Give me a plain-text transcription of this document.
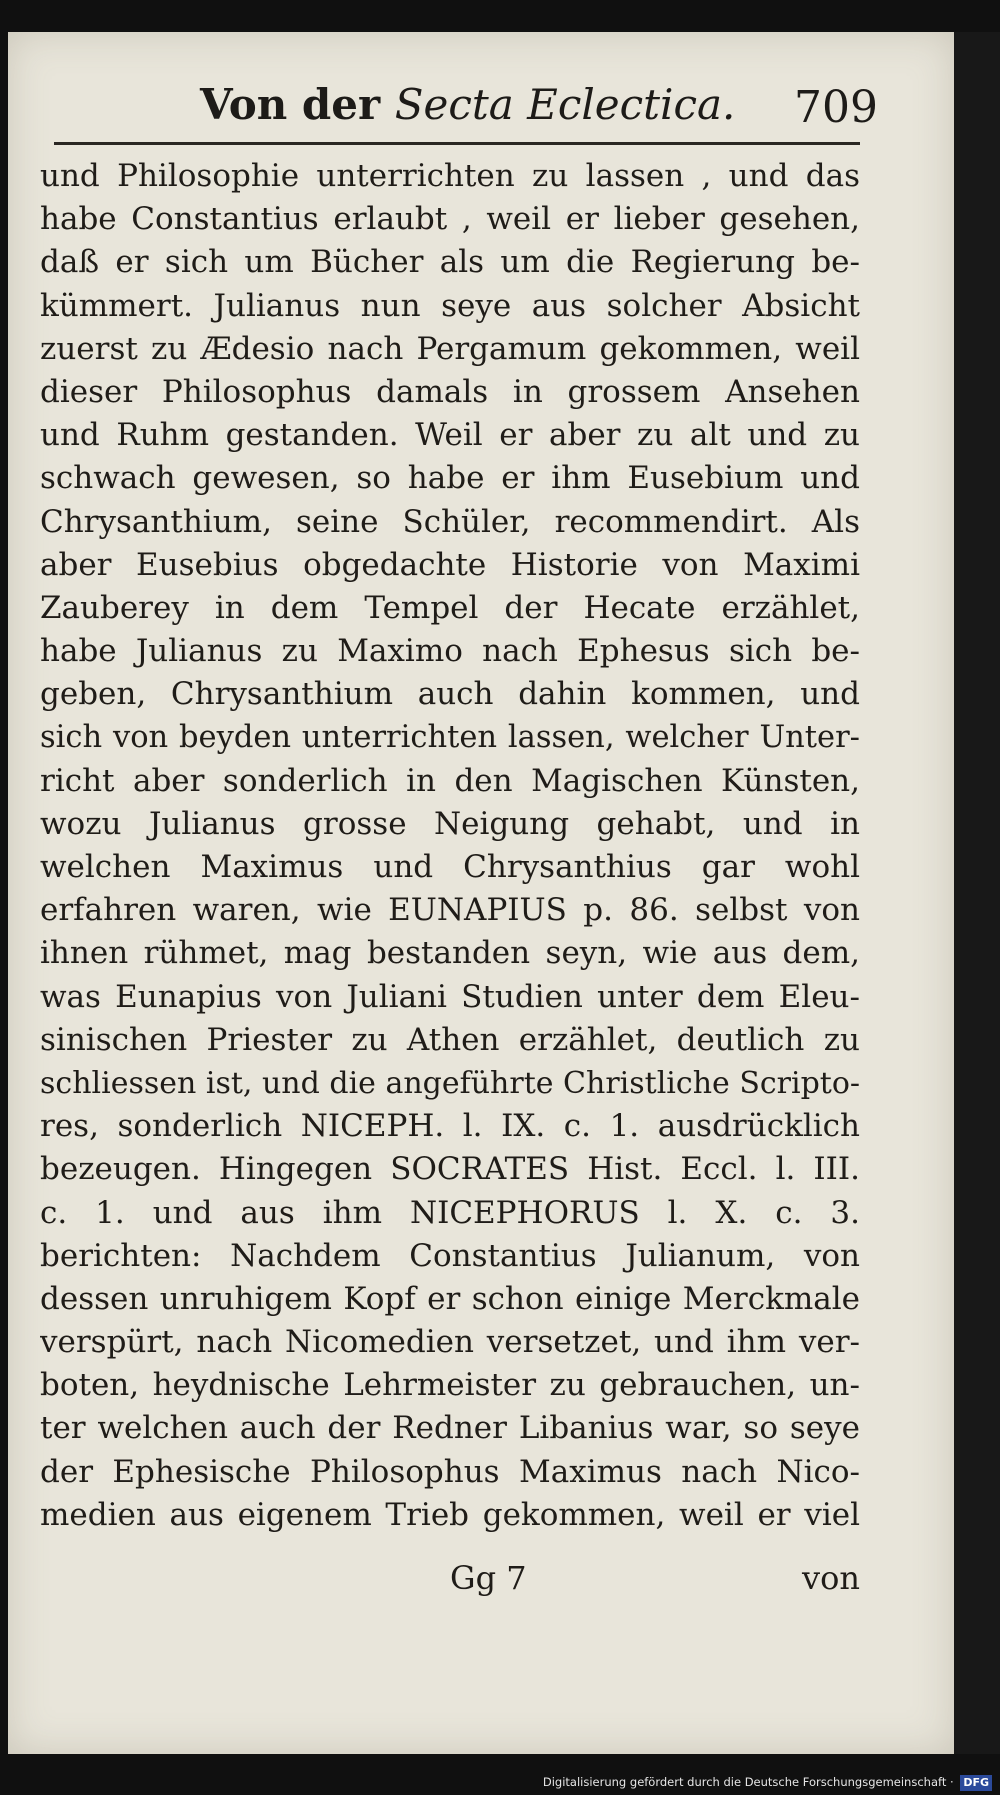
Von der Secta Eclectica.	709
und Philosophie unterrichten zu lassen , und das
habe Constantius erlaubt , weil er lieber gesehen,
daß er sich um Bücher als um die Regierung be-
kümmert. Julianus nun seye aus solcher Absicht
zuerst zu Ædesio nach Pergamum gekommen, weil
dieser Philosophus damals in grossem Ansehen
und Ruhm gestanden. Weil er aber zu alt und zu
schwach gewesen, so habe er ihm Eusebium und
Chrysanthium, seine Schüler, recommendirt. Als
aber Eusebius obgedachte Historie von Maximi
Zauberey in dem Tempel der Hecate erzählet,
habe Julianus zu Maximo nach Ephesus sich be-
geben, Chrysanthium auch dahin kommen, und
sich von beyden unterrichten lassen, welcher Unter-
richt aber sonderlich in den Magischen Künsten,
wozu Julianus grosse Neigung gehabt, und in
welchen Maximus und Chrysanthius gar wohl
erfahren waren, wie EUNAPIUS p. 86. selbst von
ihnen rühmet, mag bestanden seyn, wie aus dem,
was Eunapius von Juliani Studien unter dem Eleu-
sinischen Priester zu Athen erzählet, deutlich zu
schliessen ist, und die angeführte Christliche Scripto-
res, sonderlich NICEPH. l. IX. c. 1. ausdrücklich
bezeugen. Hingegen SOCRATES Hist. Eccl. l. III.
c. 1. und aus ihm NICEPHORUS l. X. c. 3.
berichten: Nachdem Constantius Julianum, von
dessen unruhigem Kopf er schon einige Merckmale
verspürt, nach Nicomedien versetzet, und ihm ver-
boten, heydnische Lehrmeister zu gebrauchen, un-
ter welchen auch der Redner Libanius war, so seye
der Ephesische Philosophus Maximus nach Nico-
medien aus eigenem Trieb gekommen, weil er viel
Gg 7	von
Digitalisierung gefördert durch die Deutsche Forschungsgemeinschaft · DFG
